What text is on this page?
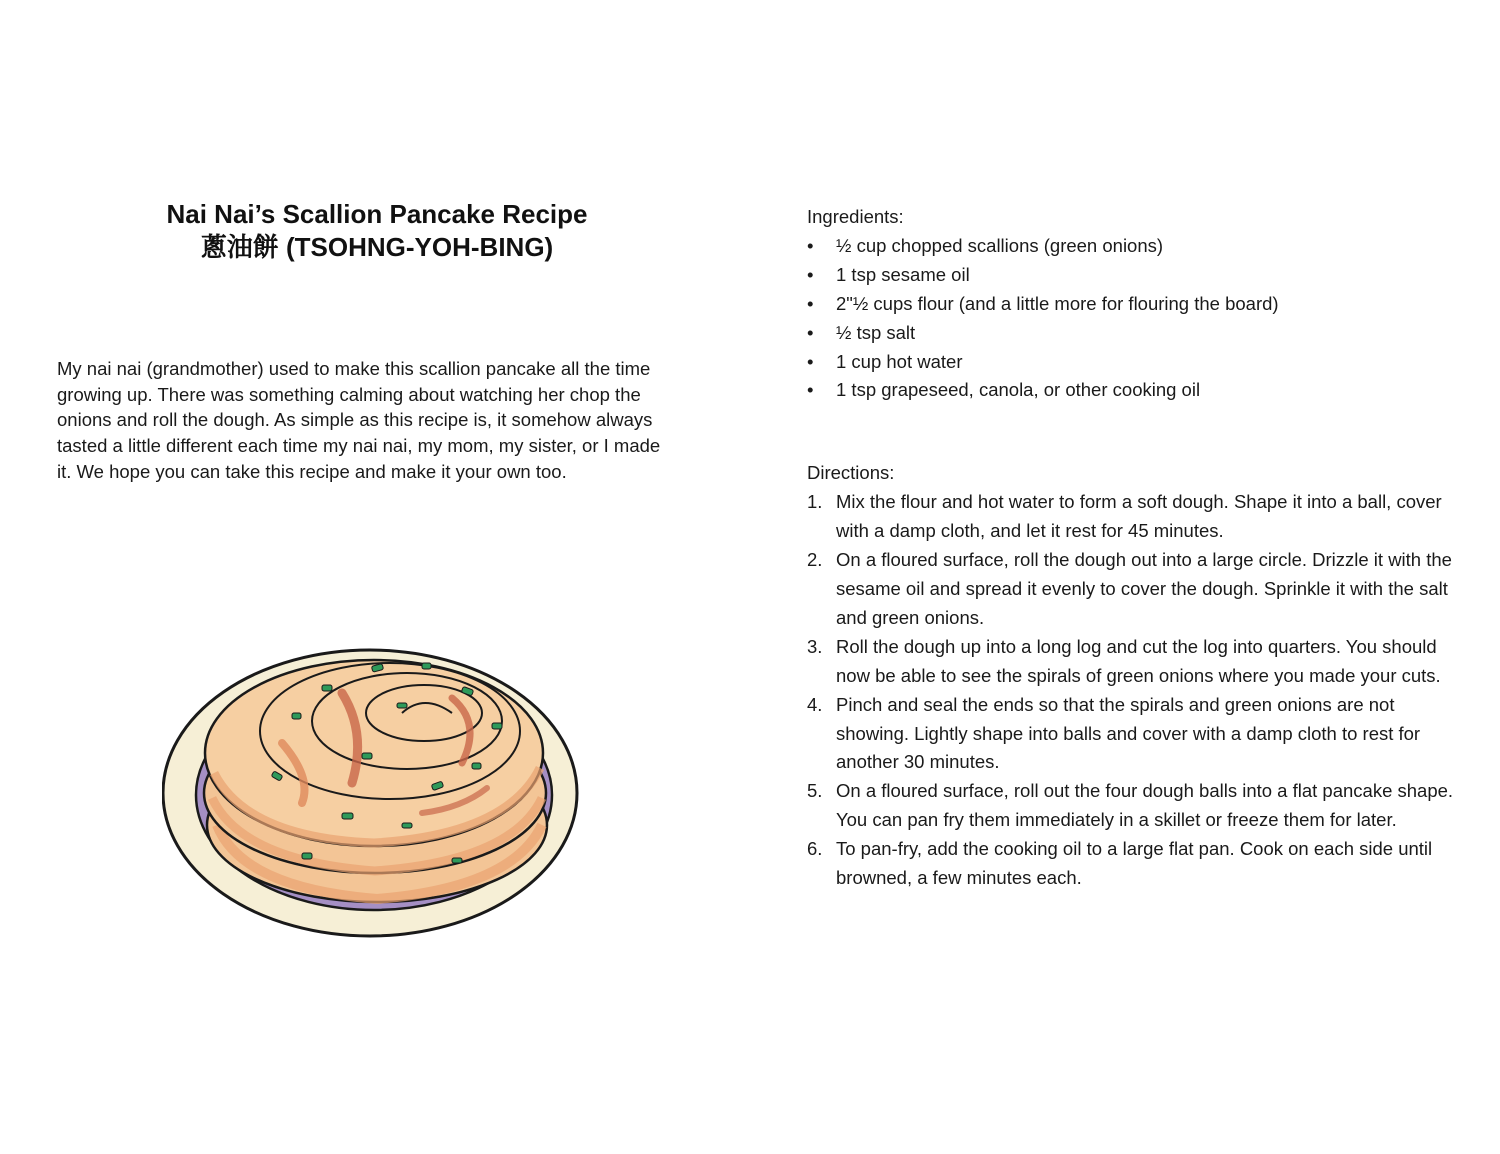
Nai Nai’s Scallion Pancake Recipe

蔥油餅 (TSOHNG-YOH-BING)

My nai nai (grandmother) used to make this scallion pancake all the time growing up. There was something calming about watching her chop the onions and roll the dough. As simple as this recipe is, it somehow always tasted a little different each time my nai nai, my mom, my sister, or I made it. We hope you can take this recipe and make it your own too.

Ingredients:

• ½ cup chopped scallions (green onions)
• 1 tsp sesame oil
• 2"½ cups flour (and a little more for flouring the board)
• ½ tsp salt
• 1 cup hot water
• 1 tsp grapeseed, canola, or other cooking oil

Directions:

1. Mix the flour and hot water to form a soft dough. Shape it into a ball, cover with a damp cloth, and let it rest for 45 minutes.
2. On a floured surface, roll the dough out into a large circle. Drizzle it with the sesame oil and spread it evenly to cover the dough. Sprinkle it with the salt and green onions.
3. Roll the dough up into a long log and cut the log into quarters. You should now be able to see the spirals of green onions where you made your cuts.
4. Pinch and seal the ends so that the spirals and green onions are not showing. Lightly shape into balls and cover with a damp cloth to rest for another 30 minutes.
5. On a floured surface, roll out the four dough balls into a flat pancake shape. You can pan fry them immediately in a skillet or freeze them for later.
6. To pan-fry, add the cooking oil to a large flat pan. Cook on each side until browned, a few minutes each.
